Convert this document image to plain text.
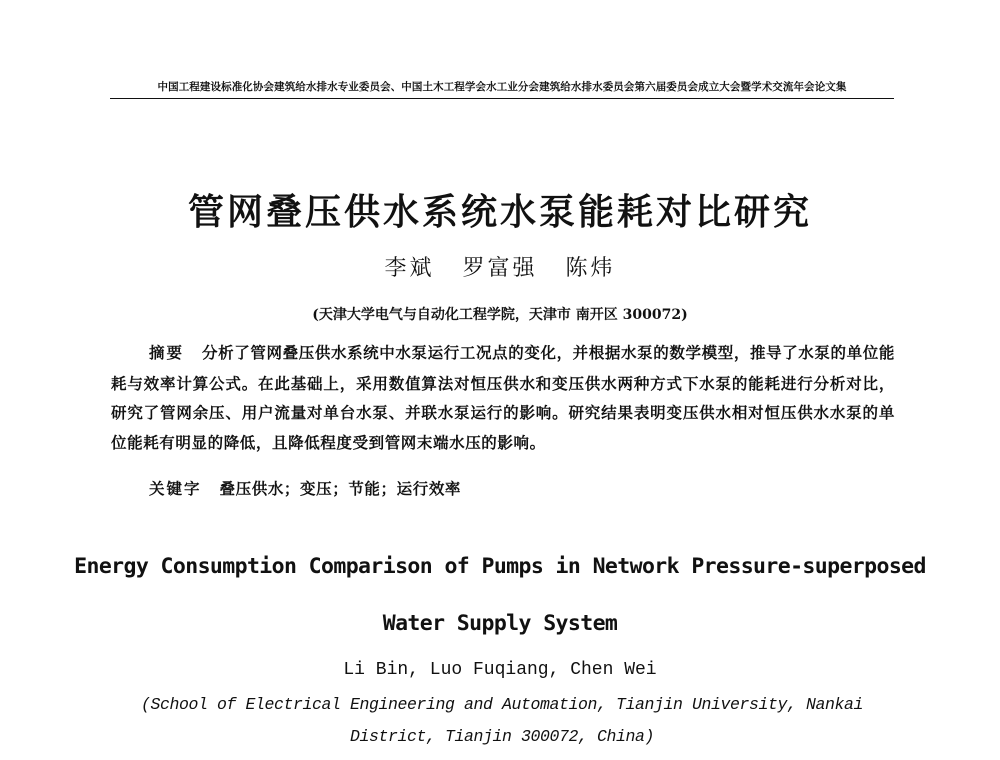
中国工程建设标准化协会建筑给水排水专业委员会、中国土木工程学会水工业分会建筑给水排水委员会第六届委员会成立大会暨学术交流年会论文集
管网叠压供水系统水泵能耗对比研究
李斌 罗富强 陈炜
(天津大学电气与自动化工程学院，天津市 南开区 300072)
摘要 分析了管网叠压供水系统中水泵运行工况点的变化，并根据水泵的数学模型，推导了水泵的单位能耗与效率计算公式。在此基础上，采用数值算法对恒压供水和变压供水两种方式下水泵的能耗进行分析对比，研究了管网余压、用户流量对单台水泵、并联水泵运行的影响。研究结果表明变压供水相对恒压供水水泵的单位能耗有明显的降低，且降低程度受到管网末端水压的影响。
关键字 叠压供水；变压；节能；运行效率
Energy Consumption Comparison of Pumps in Network Pressure-superposed
Water Supply System
Li Bin, Luo Fuqiang, Chen Wei
(School of Electrical Engineering and Automation, Tianjin University, Nankai District, Tianjin 300072, China)
